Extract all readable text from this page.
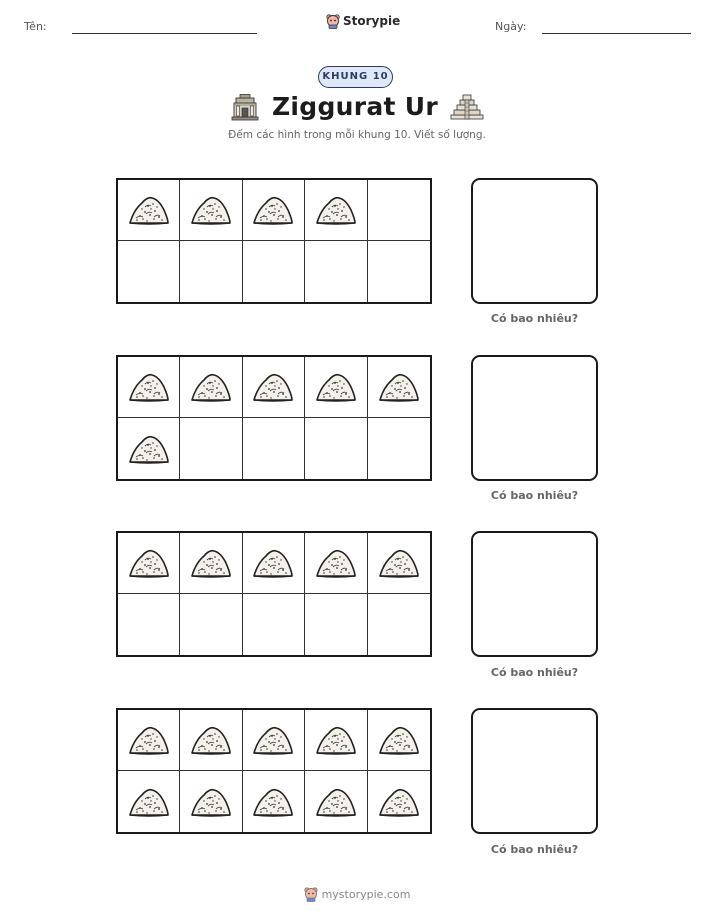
Tên:	Storypie	Ngày:
KHUNG 10
Ziggurat Ur
Đếm các hình trong mỗi khung 10. Viết số lượng.
Có bao nhiêu?
Có bao nhiêu?
Có bao nhiêu?
Có bao nhiêu?
mystorypie.com
